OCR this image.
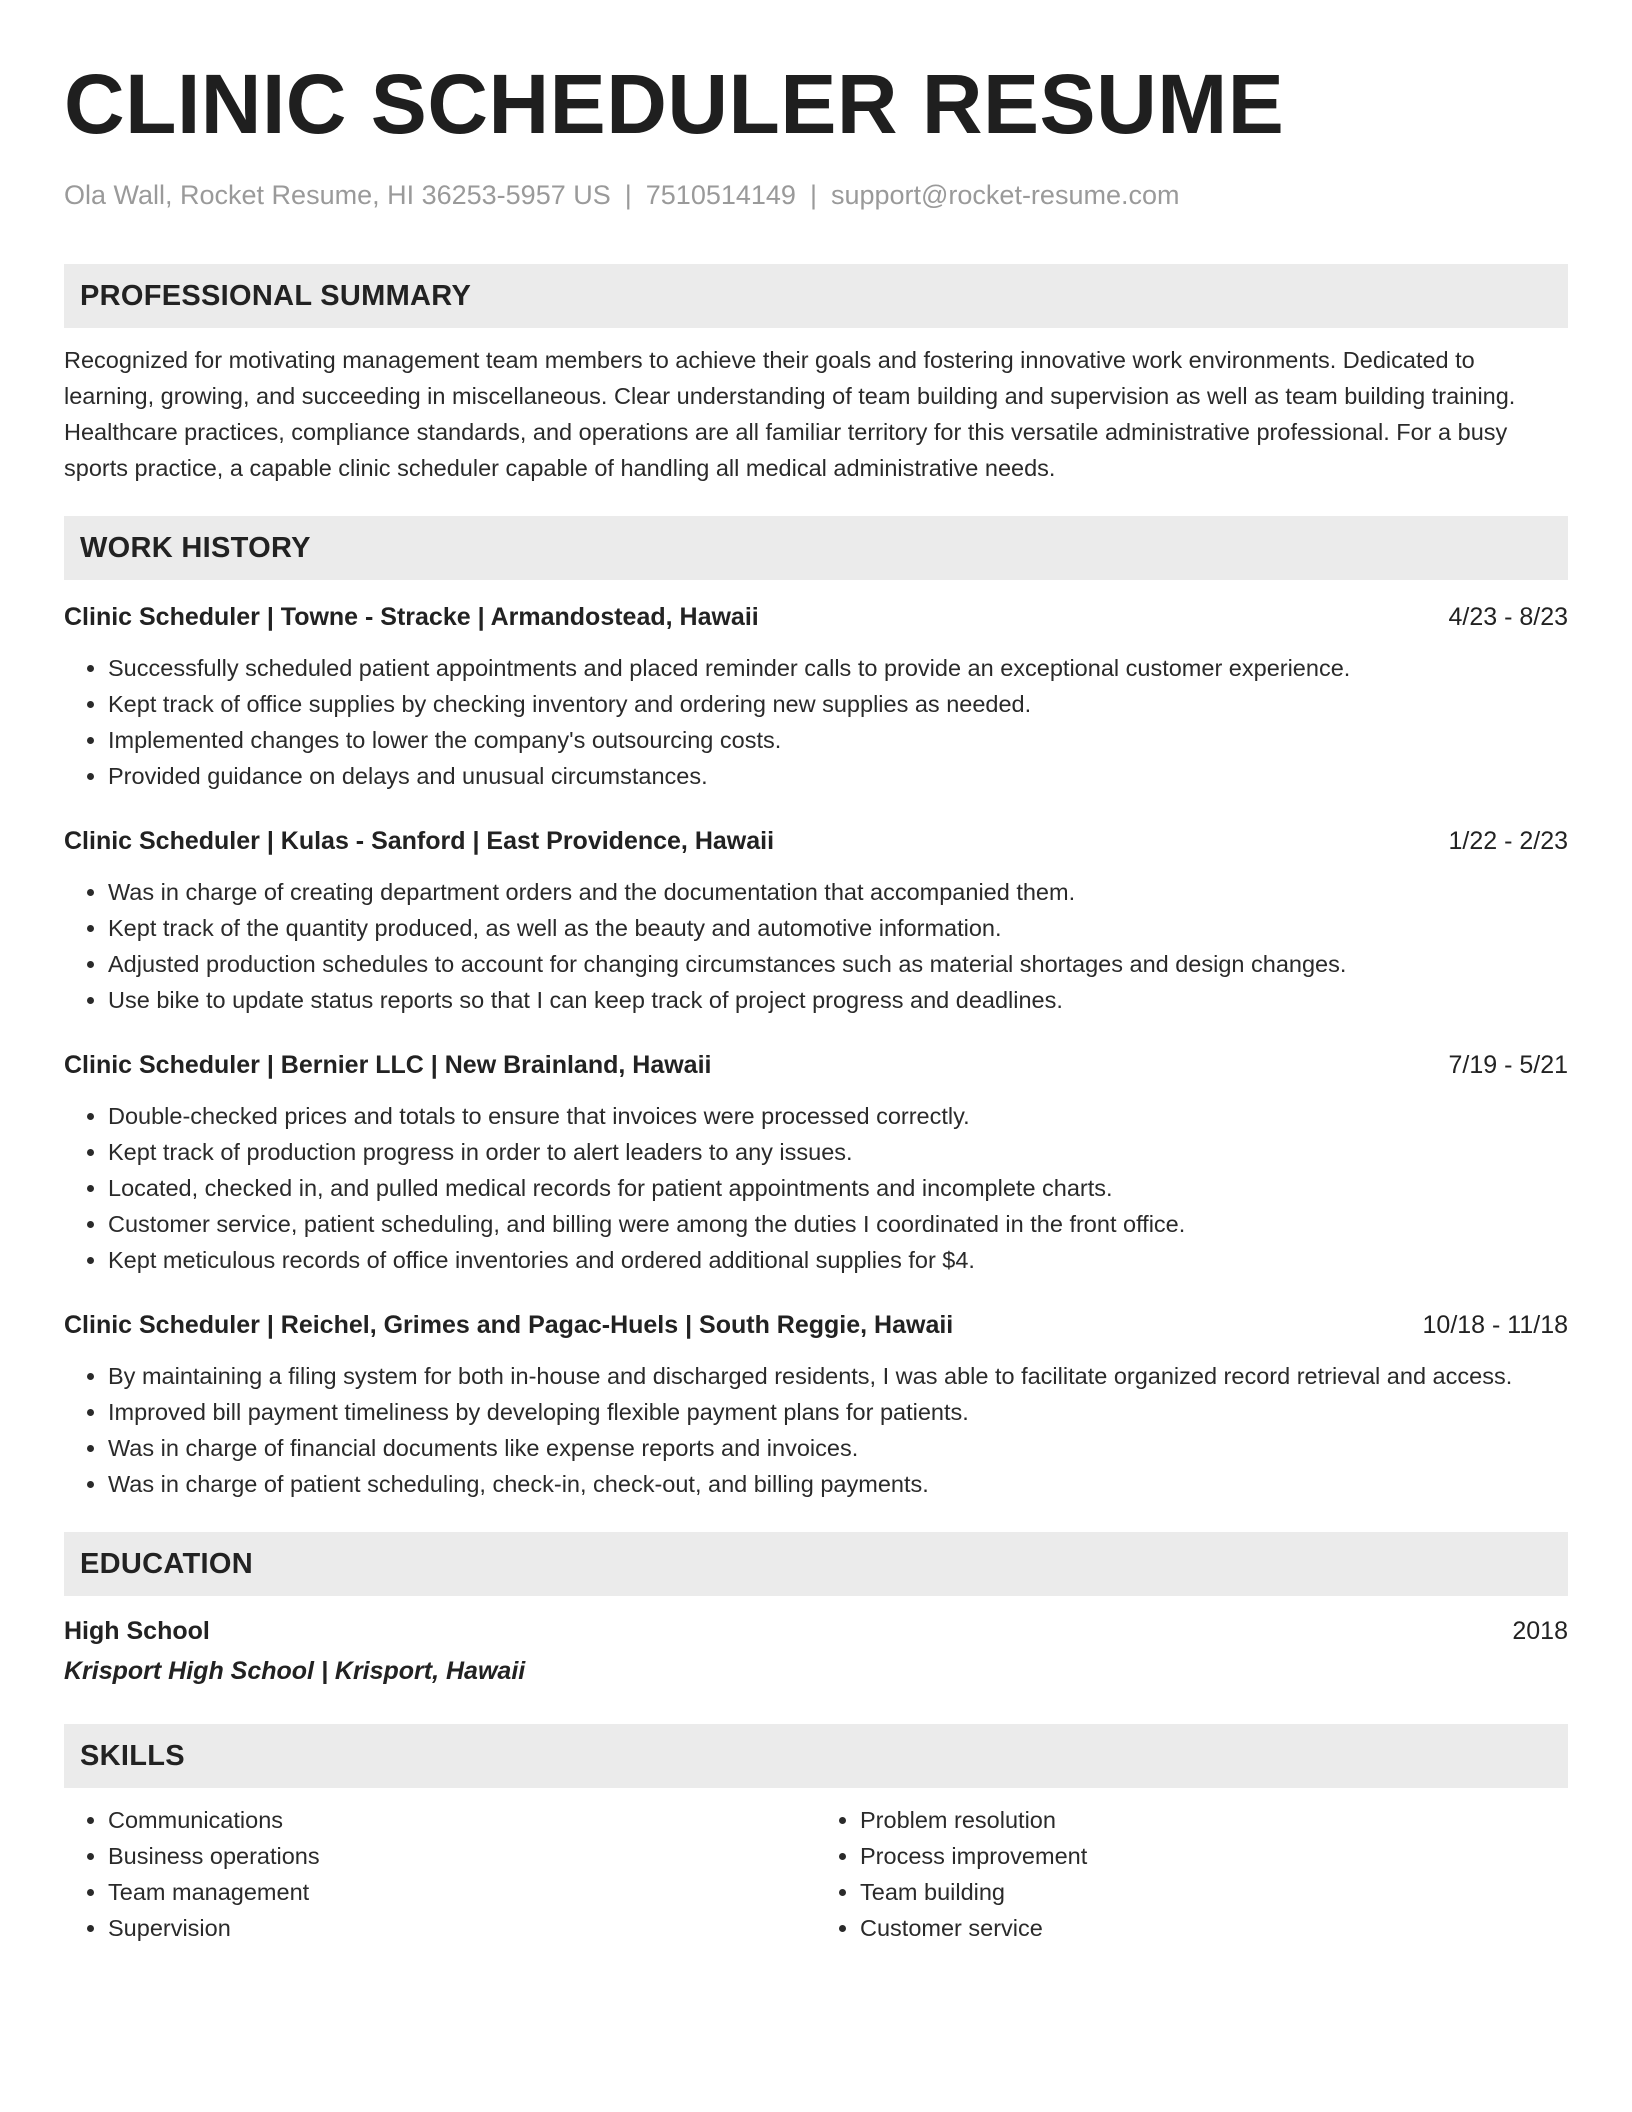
CLINIC SCHEDULER RESUME
Ola Wall, Rocket Resume, HI 36253-5957 US | 7510514149 | support@rocket-resume.com
PROFESSIONAL SUMMARY
Recognized for motivating management team members to achieve their goals and fostering innovative work environments. Dedicated to learning, growing, and succeeding in miscellaneous. Clear understanding of team building and supervision as well as team building training. Healthcare practices, compliance standards, and operations are all familiar territory for this versatile administrative professional. For a busy sports practice, a capable clinic scheduler capable of handling all medical administrative needs.
WORK HISTORY
Clinic Scheduler | Towne - Stracke | Armandostead, Hawaii	4/23 - 8/23
• Successfully scheduled patient appointments and placed reminder calls to provide an exceptional customer experience.
• Kept track of office supplies by checking inventory and ordering new supplies as needed.
• Implemented changes to lower the company's outsourcing costs.
• Provided guidance on delays and unusual circumstances.
Clinic Scheduler | Kulas - Sanford | East Providence, Hawaii	1/22 - 2/23
• Was in charge of creating department orders and the documentation that accompanied them.
• Kept track of the quantity produced, as well as the beauty and automotive information.
• Adjusted production schedules to account for changing circumstances such as material shortages and design changes.
• Use bike to update status reports so that I can keep track of project progress and deadlines.
Clinic Scheduler | Bernier LLC | New Brainland, Hawaii	7/19 - 5/21
• Double-checked prices and totals to ensure that invoices were processed correctly.
• Kept track of production progress in order to alert leaders to any issues.
• Located, checked in, and pulled medical records for patient appointments and incomplete charts.
• Customer service, patient scheduling, and billing were among the duties I coordinated in the front office.
• Kept meticulous records of office inventories and ordered additional supplies for $4.
Clinic Scheduler | Reichel, Grimes and Pagac-Huels | South Reggie, Hawaii	10/18 - 11/18
• By maintaining a filing system for both in-house and discharged residents, I was able to facilitate organized record retrieval and access.
• Improved bill payment timeliness by developing flexible payment plans for patients.
• Was in charge of financial documents like expense reports and invoices.
• Was in charge of patient scheduling, check-in, check-out, and billing payments.
EDUCATION
High School	2018
Krisport High School | Krisport, Hawaii
SKILLS
• Communications
• Business operations
• Team management
• Supervision
• Problem resolution
• Process improvement
• Team building
• Customer service
